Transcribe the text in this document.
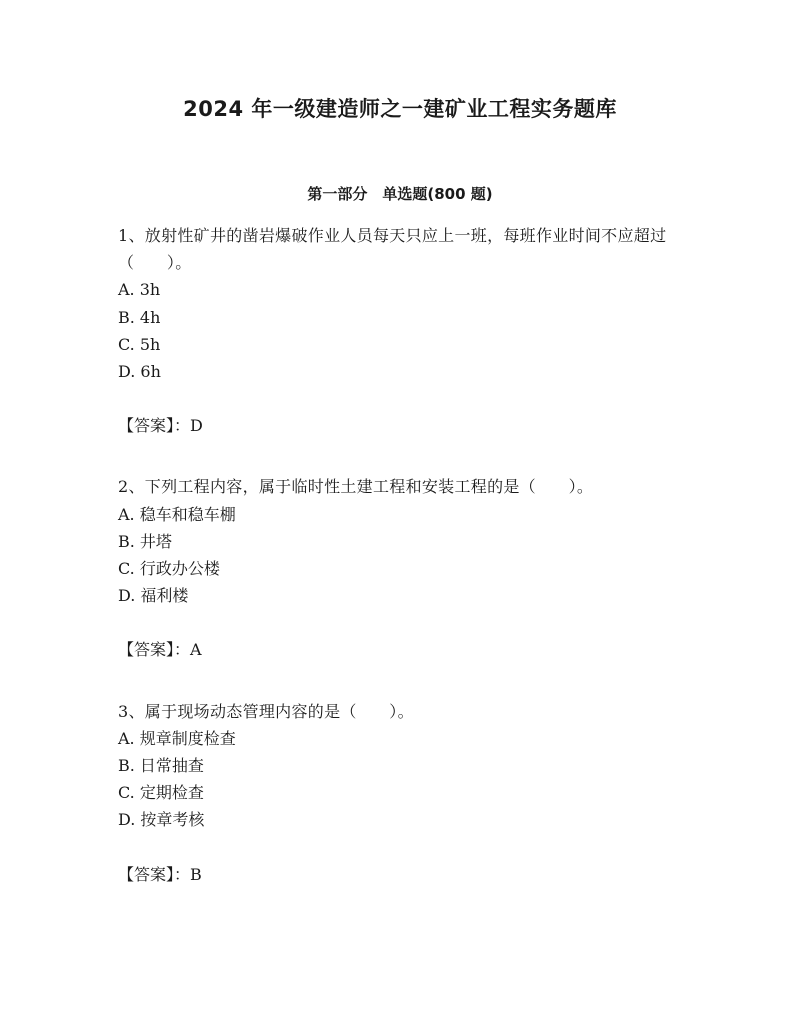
2024 年一级建造师之一建矿业工程实务题库
第一部分　单选题(800 题)

1、放射性矿井的凿岩爆破作业人员每天只应上一班，每班作业时间不应超过（　　）。

A. 3h

B. 4h

C. 5h

D. 6h

【答案】：D

2、下列工程内容，属于临时性土建工程和安装工程的是（　　）。

A. 稳车和稳车棚

B. 井塔

C. 行政办公楼

D. 福利楼

【答案】：A

3、属于现场动态管理内容的是（　　）。

A. 规章制度检查

B. 日常抽查

C. 定期检查

D. 按章考核

【答案】：B
